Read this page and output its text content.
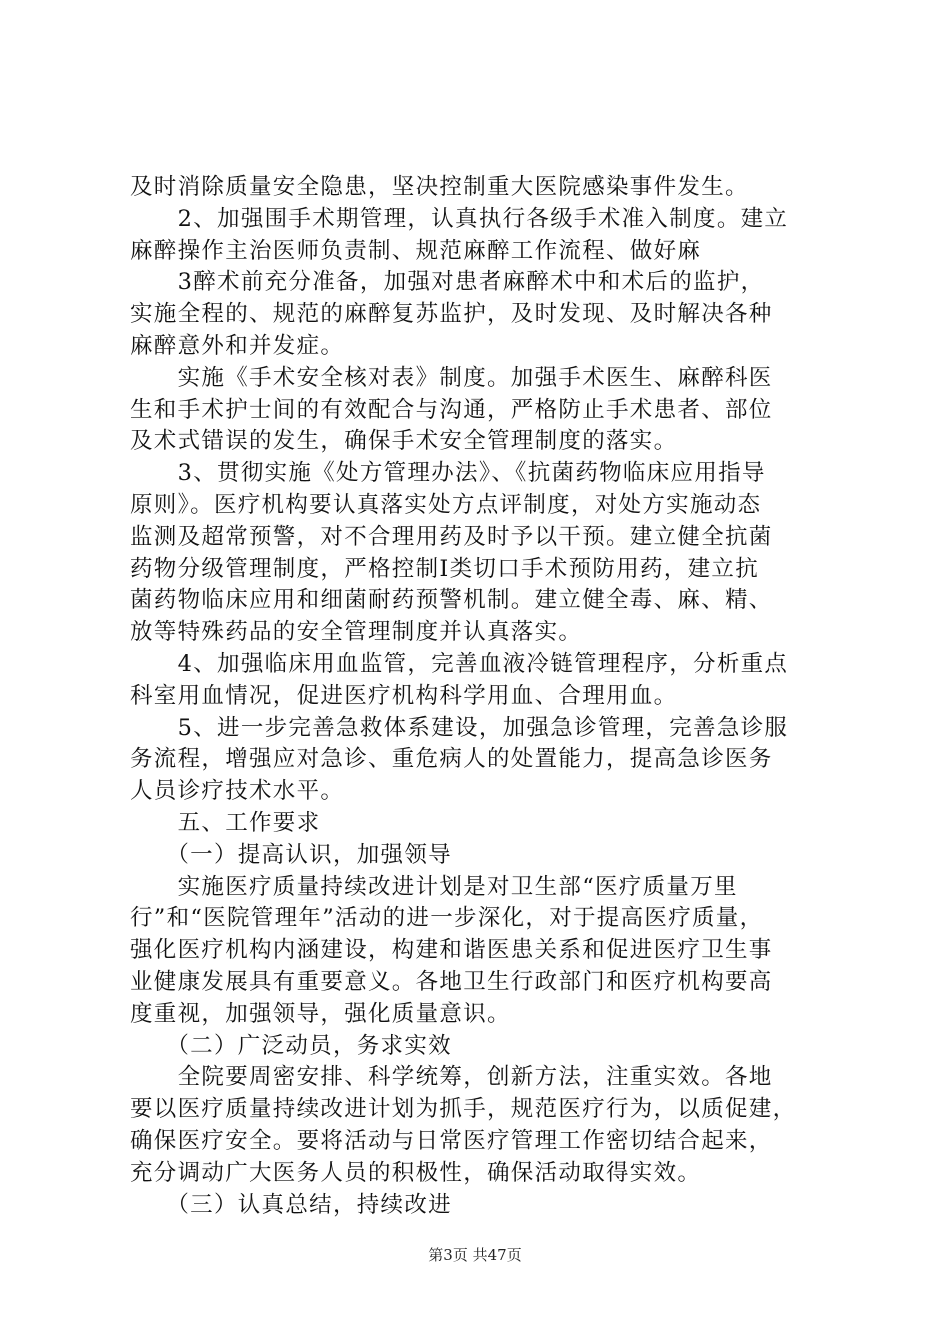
及时消除质量安全隐患，坚决控制重大医院感染事件发生。
　　2、加强围手术期管理，认真执行各级手术准入制度。建立
麻醉操作主治医师负责制、规范麻醉工作流程、做好麻
　　3醉术前充分准备，加强对患者麻醉术中和术后的监护，
实施全程的、规范的麻醉复苏监护，及时发现、及时解决各种
麻醉意外和并发症。
　　实施《手术安全核对表》制度。加强手术医生、麻醉科医
生和手术护士间的有效配合与沟通，严格防止手术患者、部位
及术式错误的发生，确保手术安全管理制度的落实。
　　3、贯彻实施《处方管理办法》、《抗菌药物临床应用指导
原则》。医疗机构要认真落实处方点评制度，对处方实施动态
监测及超常预警，对不合理用药及时予以干预。建立健全抗菌
药物分级管理制度，严格控制Ⅰ类切口手术预防用药，建立抗
菌药物临床应用和细菌耐药预警机制。建立健全毒、麻、精、
放等特殊药品的安全管理制度并认真落实。
　　4、加强临床用血监管，完善血液冷链管理程序，分析重点
科室用血情况，促进医疗机构科学用血、合理用血。
　　5、进一步完善急救体系建设，加强急诊管理，完善急诊服
务流程，增强应对急诊、重危病人的处置能力，提高急诊医务
人员诊疗技术水平。
　　五、工作要求
　　（一）提高认识，加强领导
　　实施医疗质量持续改进计划是对卫生部“医疗质量万里
行”和“医院管理年”活动的进一步深化，对于提高医疗质量，
强化医疗机构内涵建设，构建和谐医患关系和促进医疗卫生事
业健康发展具有重要意义。各地卫生行政部门和医疗机构要高
度重视，加强领导，强化质量意识。
　　（二）广泛动员，务求实效
　　全院要周密安排、科学统筹，创新方法，注重实效。各地
要以医疗质量持续改进计划为抓手，规范医疗行为，以质促建，
确保医疗安全。要将活动与日常医疗管理工作密切结合起来，
充分调动广大医务人员的积极性，确保活动取得实效。
　　（三）认真总结，持续改进
第3页 共47页
